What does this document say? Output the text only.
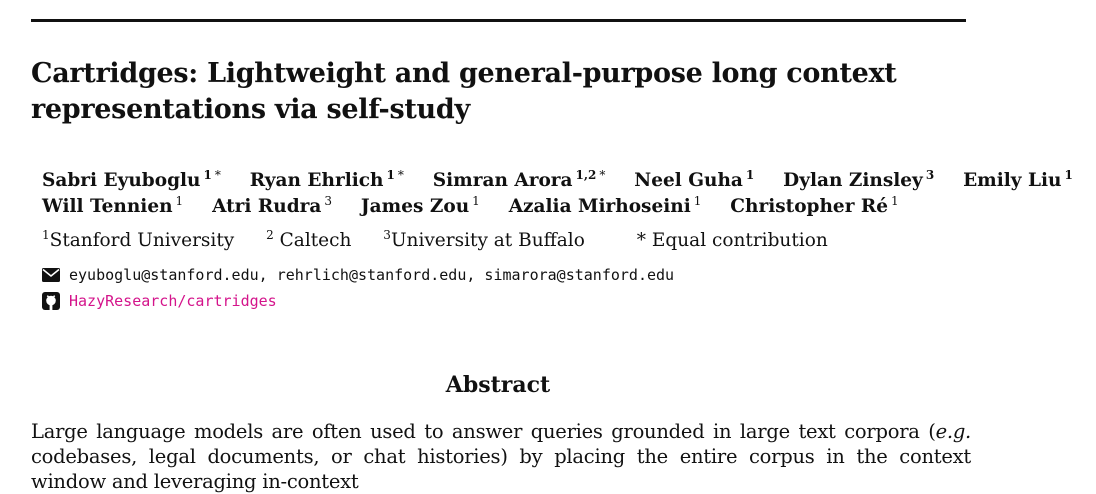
Cartridges: Lightweight and general-purpose long context representations via self-study
Sabri Eyuboglu $^1$ * Ryan Ehrlich $^1$ * Simran Arora $^{1,2}$ * Neel Guha $^1$ Dylan Zinsley $^3$ Emily Liu $^1$
Will Tennien $^1$ Atri Rudra $^3$ James Zou $^1$ Azalia Mirhoseini $^1$ Christopher Ré $^1$
$^1$Stanford University	$^2$ Caltech	$^3$University at Buffalo	* Equal contribution
eyuboglu@stanford.edu, rehrlich@stanford.edu, simarora@stanford.edu
HazyResearch/cartridges
Abstract

Large language models are often used to answer queries grounded in large text corpora (e.g. codebases, legal documents, or chat histories) by placing the entire corpus in the context window and leveraging in-context
